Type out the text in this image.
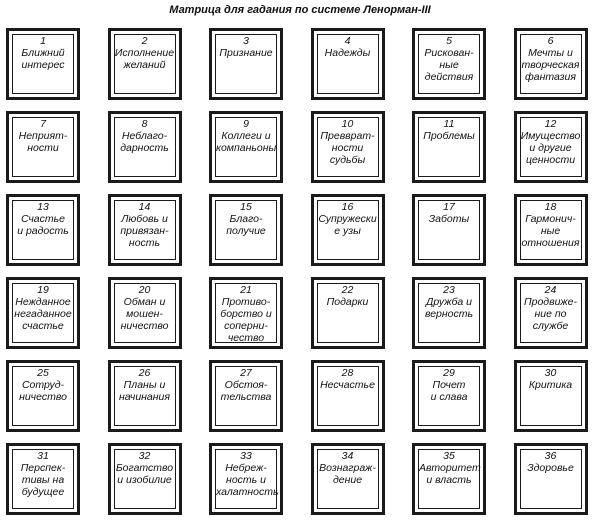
Матрица для гадания по системе Ленорман-III
1
Ближний
интерес
2
Исполнение
желаний
3
Признание
4
Надежды
5
Рискован-
ные
действия
6
Мечты и
творческая
фантазия
7
Неприят-
ности
8
Неблаго-
дарность
9
Коллеги и
компаньоны
10
Превврат-
ности
судьбы
11
Проблемы
12
Имущество
и другие
ценности
13
Счастье
и радость
14
Любовь и
привязан-
ность
15
Благо-
получие
16
Супружески
е узы
17
Заботы
18
Гармонич-
ные
отношения
19
Нежданное
негаданное
счастье
20
Обман и
мошен-
ничество
21
Противо-
борство и
соперни-
чество
22
Подарки
23
Дружба и
верность
24
Продвиже-
ние по
службе
25
Сотруд-
ничество
26
Планы и
начинания
27
Обстоя-
тельства
28
Несчастье
29
Почет
и слава
30
Критика
31
Перспек-
тивы на
будущее
32
Богатство
и изобилие
33
Небреж-
ность и
халатность
34
Вознаграж-
дение
35
Авторитет
и власть
36
Здоровье
